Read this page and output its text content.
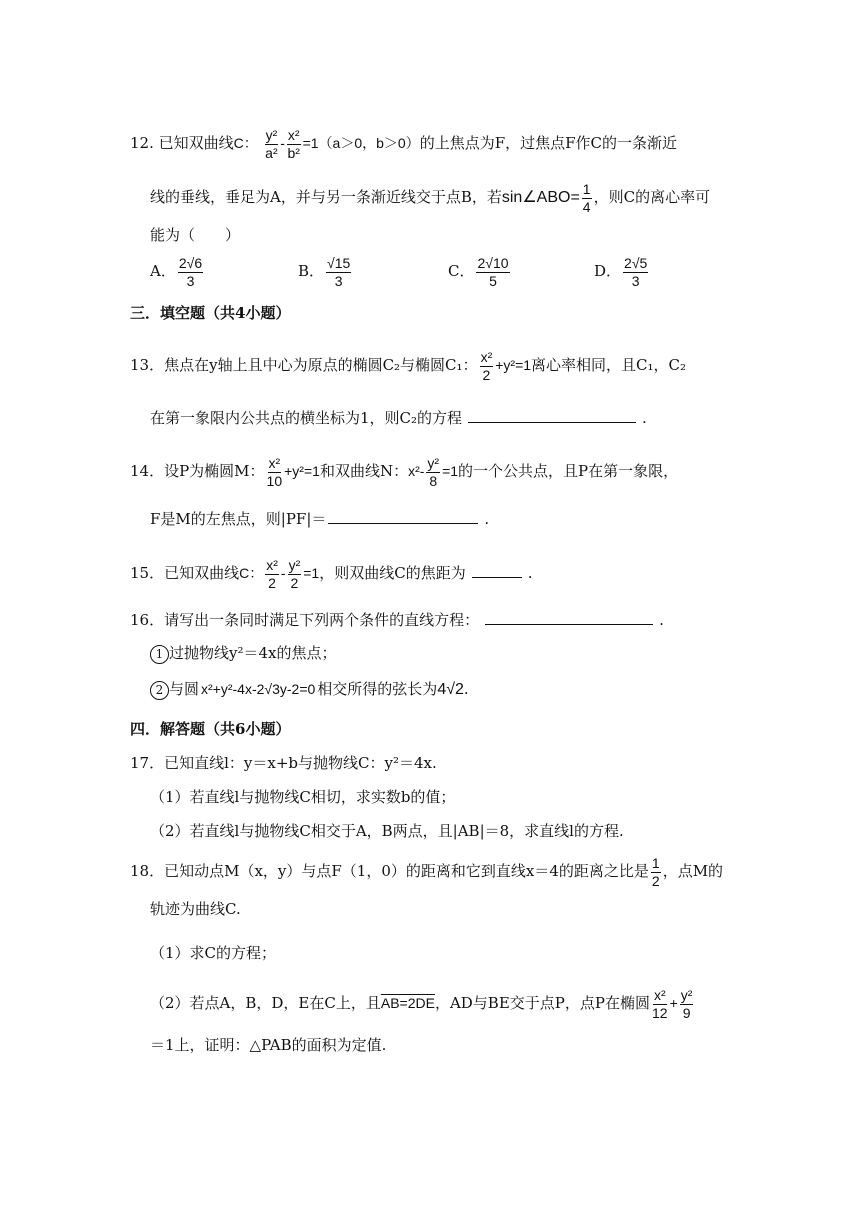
12. 已知双曲线C： $\frac{\text{y²}}{\text{a²}} - \frac{\text{x²}}{\text{b²}} =1(a>0$，b＞0）的上焦点为F，过焦点F作C的一条渐近
线的垂线，垂足为A，并与另一条渐近线交于点B，若sin∠ABO= $\frac{1}{4}$ ，则C的离心率可
能为（　　）
A． $\frac{2√6}{3}$	B． $\frac{√15}{3}$	C． $\frac{2√10}{5}$	D． $\frac{2√5}{3}$
三．填空题（共4小题）
13．焦点在y轴上且中心为原点的椭圆C₂与椭圆C₁： $\frac{\text{x²}}{2} +y^2=1$离心率相同，且C₁，C₂
在第一象限内公共点的横坐标为1，则C₂的方程	.
14．设P为椭圆M： $\frac{\text{x²}}{10} +y^2=1$和双曲线N：$x^2- \frac{\text{y²}}{8} =1$的一个公共点，且P在第一象限，
F是M的左焦点，则|PF|＝	.
15．已知双曲线C： $\frac{\text{x²}}{2} - \frac{\text{y²}}{2} =1$，则双曲线C的焦距为	.
16．请写出一条同时满足下列两个条件的直线方程：	.
1 过抛物线y²＝4x的焦点；
2 与圆 x²+y²-4x-2√3y-2=0 相交所得的弦长为4√2.
四．解答题（共6小题）
17．已知直线l：y＝x+b与抛物线C：y²＝4x.
（1）若直线l与抛物线C相切，求实数b的值；
（2）若直线l与抛物线C相交于A，B两点，且|AB|＝8，求直线l的方程.
18．已知动点M（x，y）与点F（1，0）的距离和它到直线x＝4的距离之比是 $\frac{1}{2}$ ，点M的
轨迹为曲线C.
（1）求C的方程；
（2）若点A，B，D，E在C上，且AB=2DE，AD与BE交于点P，点P在椭圆 $\frac{\text{x²}}{12} + \frac{\text{y²}}{9}$
＝1上，证明：△PAB的面积为定值.
